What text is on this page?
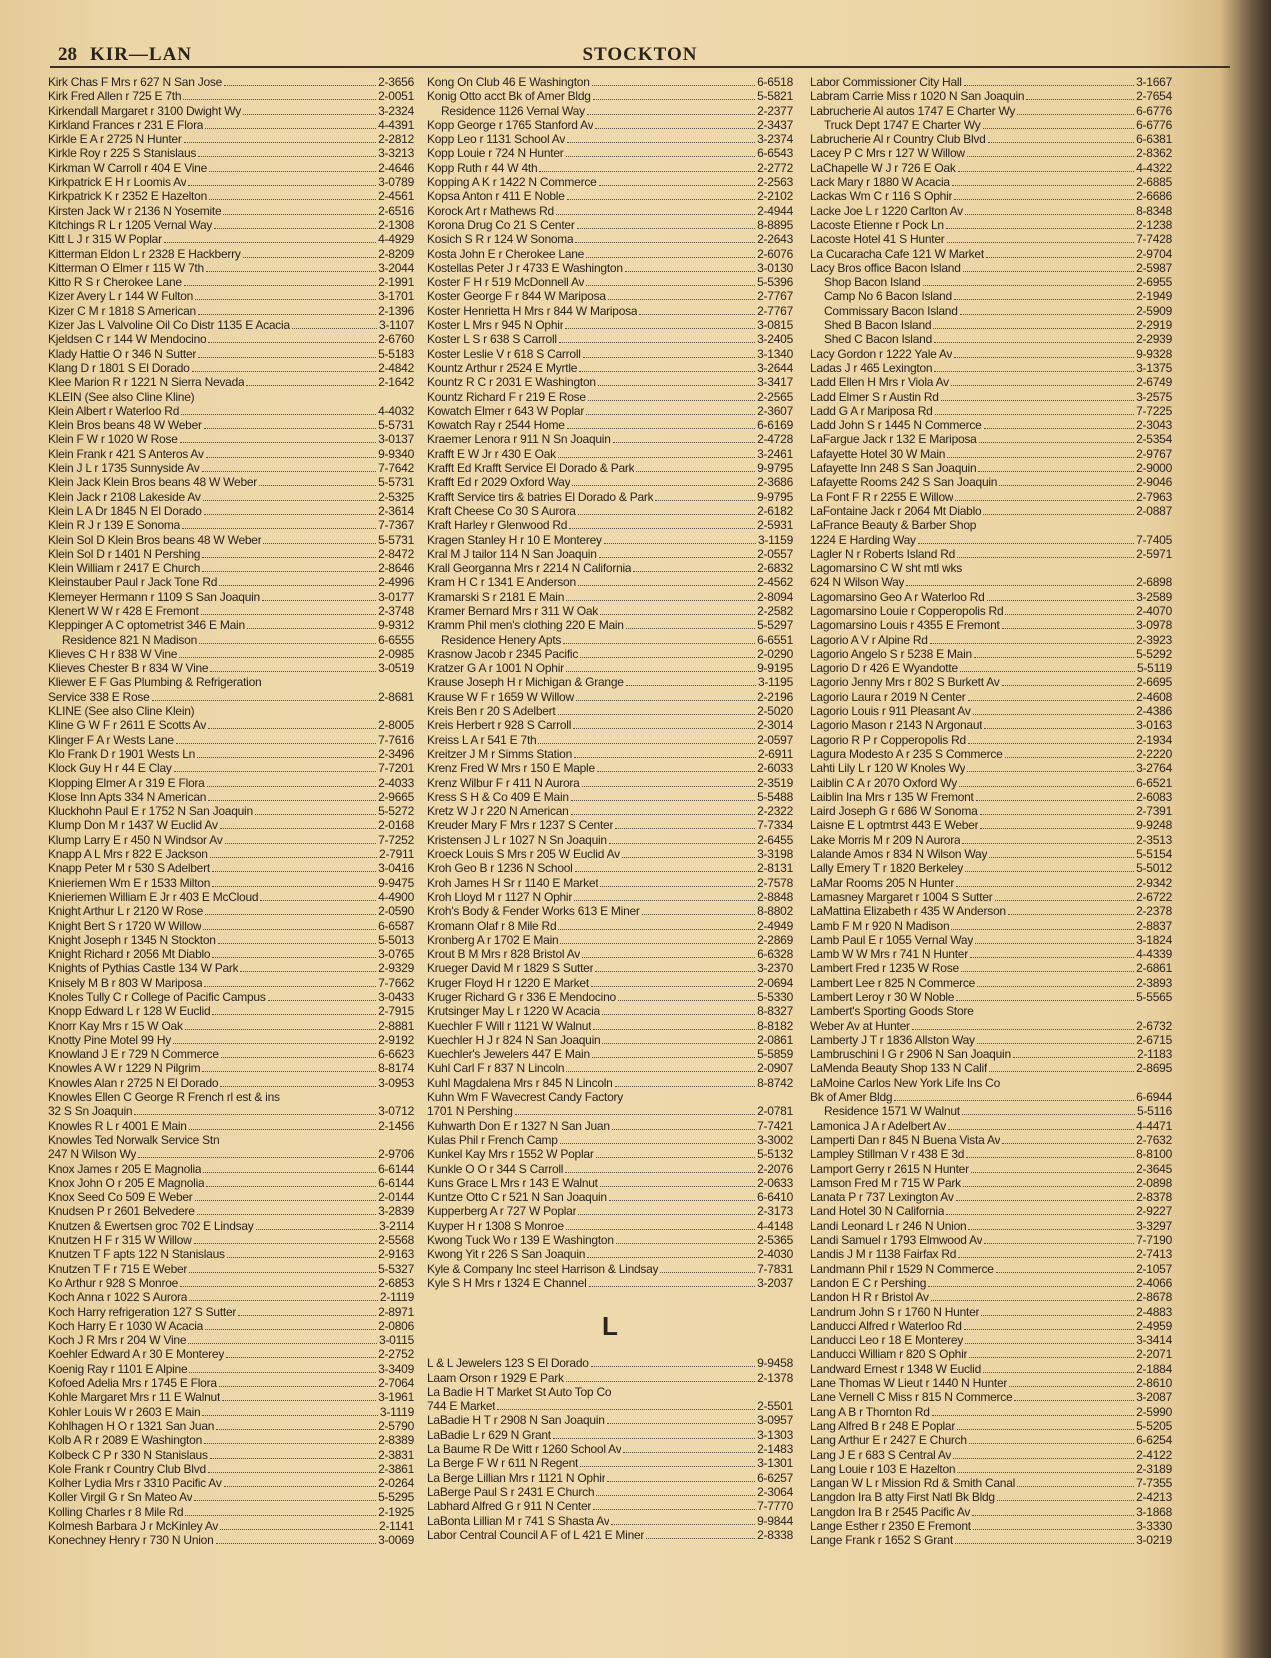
28 KIR—LAN	STOCKTON
Kirk Chas F Mrs r 627 N San Jose	2-3656
Kirk Fred Allen r 725 E 7th	2-0051
Kirkendall Margaret r 3100 Dwight Wy	3-2324
Kirkland Frances r 231 E Flora	4-4391
Kirkle E A r 2725 N Hunter	2-2812
Kirkle Roy r 225 S Stanislaus	3-3213
Kirkman W Carroll r 404 E Vine	2-4646
Kirkpatrick E H r Loomis Av	3-0789
Kirkpatrick K r 2352 E Hazelton	2-4561
Kirsten Jack W r 2136 N Yosemite	2-6516
Kitchings R L r 1205 Vernal Way	2-1308
Kitt L J r 315 W Poplar	4-4929
Kitterman Eldon L r 2328 E Hackberry	2-8209
Kitterman O Elmer r 115 W 7th	3-2044
Kitto R S r Cherokee Lane	2-1991
Kizer Avery L r 144 W Fulton	3-1701
Kizer C M r 1818 S American	2-1396
Kizer Jas L Valvoline Oil Co Distr 1135 E Acacia	3-1107
Kjeldsen C r 144 W Mendocino	2-6760
Klady Hattie O r 346 N Sutter	5-5183
Klang D r 1801 S El Dorado	2-4842
Klee Marion R r 1221 N Sierra Nevada	2-1642
KLEIN (See also Cline Kline)
Klein Albert r Waterloo Rd	4-4032
Klein Bros beans 48 W Weber	5-5731
Klein F W r 1020 W Rose	3-0137
Klein Frank r 421 S Anteros Av	9-9340
Klein J L r 1735 Sunnyside Av	7-7642
Klein Jack Klein Bros beans 48 W Weber	5-5731
Klein Jack r 2108 Lakeside Av	2-5325
Klein L A Dr 1845 N El Dorado	2-3614
Klein R J r 139 E Sonoma	7-7367
Klein Sol D Klein Bros beans 48 W Weber	5-5731
Klein Sol D r 1401 N Pershing	2-8472
Klein William r 2417 E Church	2-8646
Kleinstauber Paul r Jack Tone Rd	2-4996
Klemeyer Hermann r 1109 S San Joaquin	3-0177
Klenert W W r 428 E Fremont	2-3748
Kleppinger A C optometrist 346 E Main	9-9312
Residence 821 N Madison	6-6555
Klieves C H r 838 W Vine	2-0985
Klieves Chester B r 834 W Vine	3-0519
Kliewer E F Gas Plumbing & Refrigeration
Service 338 E Rose	2-8681
KLINE (See also Cline Klein)
Kline G W F r 2611 E Scotts Av	2-8005
Klinger F A r Wests Lane	7-7616
Klo Frank D r 1901 Wests Ln	2-3496
Klock Guy H r 44 E Clay	7-7201
Klopping Elmer A r 319 E Flora	2-4033
Klose Inn Apts 334 N American	2-9665
Kluckhohn Paul E r 1752 N San Joaquin	5-5272
Klump Don M r 1437 W Euclid Av	2-0168
Klump Larry E r 450 N Windsor Av	7-7252
Knapp A L Mrs r 822 E Jackson	2-7911
Knapp Peter M r 530 S Adelbert	3-0416
Knieriemen Wm E r 1533 Milton	9-9475
Knieriemen William E Jr r 403 E McCloud	4-4900
Knight Arthur L r 2120 W Rose	2-0590
Knight Bert S r 1720 W Willow	6-6587
Knight Joseph r 1345 N Stockton	5-5013
Knight Richard r 2056 Mt Diablo	3-0765
Knights of Pythias Castle 134 W Park	2-9329
Knisely M B r 803 W Mariposa	7-7662
Knoles Tully C r College of Pacific Campus	3-0433
Knopp Edward L r 128 W Euclid	2-7915
Knorr Kay Mrs r 15 W Oak	2-8881
Knotty Pine Motel 99 Hy	2-9192
Knowland J E r 729 N Commerce	6-6623
Knowles A W r 1229 N Pilgrim	8-8174
Knowles Alan r 2725 N El Dorado	3-0953
Knowles Ellen C George R French rl est & ins
32 S Sn Joaquin	3-0712
Knowles R L r 4001 E Main	2-1456
Knowles Ted Norwalk Service Stn
247 N Wilson Wy	2-9706
Knox James r 205 E Magnolia	6-6144
Knox John O r 205 E Magnolia	6-6144
Knox Seed Co 509 E Weber	2-0144
Knudsen P r 2601 Belvedere	3-2839
Knutzen & Ewertsen groc 702 E Lindsay	3-2114
Knutzen H F r 315 W Willow	2-5568
Knutzen T F apts 122 N Stanislaus	2-9163
Knutzen T F r 715 E Weber	5-5327
Ko Arthur r 928 S Monroe	2-6853
Koch Anna r 1022 S Aurora	2-1119
Koch Harry refrigeration 127 S Sutter	2-8971
Koch Harry E r 1030 W Acacia	2-0806
Koch J R Mrs r 204 W Vine	3-0115
Koehler Edward A r 30 E Monterey	2-2752
Koenig Ray r 1101 E Alpine	3-3409
Kofoed Adelia Mrs r 1745 E Flora	2-7064
Kohle Margaret Mrs r 11 E Walnut	3-1961
Kohler Louis W r 2603 E Main	3-1119
Kohlhagen H O r 1321 San Juan	2-5790
Kolb A R r 2089 E Washington	2-8389
Kolbeck C P r 330 N Stanislaus	2-3831
Kole Frank r Country Club Blvd	2-3861
Kolher Lydia Mrs r 3310 Pacific Av	2-0264
Koller Virgil G r Sn Mateo Av	5-5295
Kolling Charles r 8 Mile Rd	2-1925
Kolmesh Barbara J r McKinley Av	2-1141
Konechney Henry r 730 N Union	3-0069
Kong On Club 46 E Washington	6-6518
Konig Otto acct Bk of Amer Bldg	5-5821
Residence 1126 Vernal Way	2-2377
Kopp George r 1765 Stanford Av	2-3437
Kopp Leo r 1131 School Av	3-2374
Kopp Louie r 724 N Hunter	6-6543
Kopp Ruth r 44 W 4th	2-2772
Kopping A K r 1422 N Commerce	2-2563
Kopsa Anton r 411 E Noble	2-2102
Korock Art r Mathews Rd	2-4944
Korona Drug Co 21 S Center	8-8895
Kosich S R r 124 W Sonoma	2-2643
Kosta John E r Cherokee Lane	2-6076
Kostellas Peter J r 4733 E Washington	3-0130
Koster F H r 519 McDonnell Av	5-5396
Koster George F r 844 W Mariposa	2-7767
Koster Henrietta H Mrs r 844 W Mariposa	2-7767
Koster L Mrs r 945 N Ophir	3-0815
Koster L S r 638 S Carroll	3-2405
Koster Leslie V r 618 S Carroll	3-1340
Kountz Arthur r 2524 E Myrtle	3-2644
Kountz R C r 2031 E Washington	3-3417
Kountz Richard F r 219 E Rose	2-2565
Kowatch Elmer r 643 W Poplar	2-3607
Kowatch Ray r 2544 Home	6-6169
Kraemer Lenora r 911 N Sn Joaquin	2-4728
Krafft E W Jr r 430 E Oak	3-2461
Krafft Ed Krafft Service El Dorado & Park	9-9795
Krafft Ed r 2029 Oxford Way	2-3686
Krafft Service tirs & batries El Dorado & Park	9-9795
Kraft Cheese Co 30 S Aurora	2-6182
Kraft Harley r Glenwood Rd	2-5931
Kragen Stanley H r 10 E Monterey	3-1159
Kral M J tailor 114 N San Joaquin	2-0557
Krall Georganna Mrs r 2214 N California	2-6832
Kram H C r 1341 E Anderson	2-4562
Kramarski S r 2181 E Main	2-8094
Kramer Bernard Mrs r 311 W Oak	2-2582
Kramm Phil men's clothing 220 E Main	5-5297
Residence Henery Apts	6-6551
Krasnow Jacob r 2345 Pacific	2-0290
Kratzer G A r 1001 N Ophir	9-9195
Krause Joseph H r Michigan & Grange	3-1195
Krause W F r 1659 W Willow	2-2196
Kreis Ben r 20 S Adelbert	2-5020
Kreis Herbert r 928 S Carroll	2-3014
Kreiss L A r 541 E 7th	2-0597
Kreitzer J M r Simms Station	2-6911
Krenz Fred W Mrs r 150 E Maple	2-6033
Krenz Wilbur F r 411 N Aurora	2-3519
Kress S H & Co 409 E Main	5-5488
Kretz W J r 220 N American	2-2322
Kreuder Mary F Mrs r 1237 S Center	7-7334
Kristensen J L r 1027 N Sn Joaquin	2-6455
Kroeck Louis S Mrs r 205 W Euclid Av	3-3198
Kroh Geo B r 1236 N School	2-8131
Kroh James H Sr r 1140 E Market	2-7578
Kroh Lloyd M r 1127 N Ophir	2-8848
Kroh's Body & Fender Works 613 E Miner	8-8802
Kromann Olaf r 8 Mile Rd	2-4949
Kronberg A r 1702 E Main	2-2869
Krout B M Mrs r 828 Bristol Av	6-6328
Krueger David M r 1829 S Sutter	3-2370
Kruger Floyd H r 1220 E Market	2-0694
Kruger Richard G r 336 E Mendocino	5-5330
Krutsinger May L r 1220 W Acacia	8-8327
Kuechler F Will r 1121 W Walnut	8-8182
Kuechler H J r 824 N San Joaquin	2-0861
Kuechler's Jewelers 447 E Main	5-5859
Kuhl Carl F r 837 N Lincoln	2-0907
Kuhl Magdalena Mrs r 845 N Lincoln	8-8742
Kuhn Wm F Wavecrest Candy Factory
1701 N Pershing	2-0781
Kuhwarth Don E r 1327 N San Juan	7-7421
Kulas Phil r French Camp	3-3002
Kunkel Kay Mrs r 1552 W Poplar	5-5132
Kunkle O O r 344 S Carroll	2-2076
Kuns Grace L Mrs r 143 E Walnut	2-0633
Kuntze Otto C r 521 N San Joaquin	6-6410
Kupperberg A r 727 W Poplar	2-3173
Kuyper H r 1308 S Monroe	4-4148
Kwong Tuck Wo r 139 E Washington	2-5365
Kwong Yit r 226 S San Joaquin	2-4030
Kyle & Company Inc steel Harrison & Lindsay	7-7831
Kyle S H Mrs r 1324 E Channel	3-2037
L
L & L Jewelers 123 S El Dorado	9-9458
Laam Orson r 1929 E Park	2-1378
La Badie H T Market St Auto Top Co
744 E Market	2-5501
LaBadie H T r 2908 N San Joaquin	3-0957
LaBadie L r 629 N Grant	3-1303
La Baume R De Witt r 1260 School Av	2-1483
La Berge F W r 611 N Regent	3-1301
La Berge Lillian Mrs r 1121 N Ophir	6-6257
LaBerge Paul S r 2431 E Church	2-3064
Labhard Alfred G r 911 N Center	7-7770
LaBonta Lillian M r 741 S Shasta Av	9-9844
Labor Central Council A F of L 421 E Miner	2-8338
Labor Commissioner City Hall	3-1667
Labram Carrie Miss r 1020 N San Joaquin	2-7654
Labrucherie Al autos 1747 E Charter Wy	6-6776
Truck Dept 1747 E Charter Wy	6-6776
Labrucherie Al r Country Club Blvd	6-6381
Lacey P C Mrs r 127 W Willow	2-8362
LaChapelle W J r 726 E Oak	4-4322
Lack Mary r 1880 W Acacia	2-6885
Lackas Wm C r 116 S Ophir	2-6686
Lacke Joe L r 1220 Carlton Av	8-8348
Lacoste Etienne r Pock Ln	2-1238
Lacoste Hotel 41 S Hunter	7-7428
La Cucaracha Cafe 121 W Market	2-9704
Lacy Bros office Bacon Island	2-5987
Shop Bacon Island	2-6955
Camp No 6 Bacon Island	2-1949
Commissary Bacon Island	2-5909
Shed B Bacon Island	2-2919
Shed C Bacon Island	2-2939
Lacy Gordon r 1222 Yale Av	9-9328
Ladas J r 465 Lexington	3-1375
Ladd Ellen H Mrs r Viola Av	2-6749
Ladd Elmer S r Austin Rd	3-2575
Ladd G A r Mariposa Rd	7-7225
Ladd John S r 1445 N Commerce	2-3043
LaFargue Jack r 132 E Mariposa	2-5354
Lafayette Hotel 30 W Main	2-9767
Lafayette Inn 248 S San Joaquin	2-9000
Lafayette Rooms 242 S San Joaquin	2-9046
La Font F R r 2255 E Willow	2-7963
LaFontaine Jack r 2064 Mt Diablo	2-0887
LaFrance Beauty & Barber Shop
1224 E Harding Way	7-7405
Lagler N r Roberts Island Rd	2-5971
Lagomarsino C W sht mtl wks
624 N Wilson Way	2-6898
Lagomarsino Geo A r Waterloo Rd	3-2589
Lagomarsino Louie r Copperopolis Rd	2-4070
Lagomarsino Louis r 4355 E Fremont	3-0978
Lagorio A V r Alpine Rd	2-3923
Lagorio Angelo S r 5238 E Main	5-5292
Lagorio D r 426 E Wyandotte	5-5119
Lagorio Jenny Mrs r 802 S Burkett Av	2-6695
Lagorio Laura r 2019 N Center	2-4608
Lagorio Louis r 911 Pleasant Av	2-4386
Lagorio Mason r 2143 N Argonaut	3-0163
Lagorio R P r Copperopolis Rd	2-1934
Lagura Modesto A r 235 S Commerce	2-2220
Lahti Lily L r 120 W Knoles Wy	3-2764
Laiblin C A r 2070 Oxford Wy	6-6521
Laiblin Ina Mrs r 135 W Fremont	2-6083
Laird Joseph G r 686 W Sonoma	2-7391
Laisne E L optmtrst 443 E Weber	9-9248
Lake Morris M r 209 N Aurora	2-3513
Lalande Amos r 834 N Wilson Way	5-5154
Lally Emery T r 1820 Berkeley	5-5012
LaMar Rooms 205 N Hunter	2-9342
Lamasney Margaret r 1004 S Sutter	2-6722
LaMattina Elizabeth r 435 W Anderson	2-2378
Lamb F M r 920 N Madison	2-8837
Lamb Paul E r 1055 Vernal Way	3-1824
Lamb W W Mrs r 741 N Hunter	4-4339
Lambert Fred r 1235 W Rose	2-6861
Lambert Lee r 825 N Commerce	2-3893
Lambert Leroy r 30 W Noble	5-5565
Lambert's Sporting Goods Store
Weber Av at Hunter	2-6732
Lamberty J T r 1836 Allston Way	2-6715
Lambruschini I G r 2906 N San Joaquin	2-1183
LaMenda Beauty Shop 133 N Calif	2-8695
LaMoine Carlos New York Life Ins Co
Bk of Amer Bldg	6-6944
Residence 1571 W Walnut	5-5116
Lamonica J A r Adelbert Av	4-4471
Lamperti Dan r 845 N Buena Vista Av	2-7632
Lampley Stillman V r 438 E 3d	8-8100
Lamport Gerry r 2615 N Hunter	2-3645
Lamson Fred M r 715 W Park	2-0898
Lanata P r 737 Lexington Av	2-8378
Land Hotel 30 N California	2-9227
Landi Leonard L r 246 N Union	3-3297
Landi Samuel r 1793 Elmwood Av	7-7190
Landis J M r 1138 Fairfax Rd	2-7413
Landmann Phil r 1529 N Commerce	2-1057
Landon E C r Pershing	2-4066
Landon H R r Bristol Av	2-8678
Landrum John S r 1760 N Hunter	2-4883
Landucci Alfred r Waterloo Rd	2-4959
Landucci Leo r 18 E Monterey	3-3414
Landucci William r 820 S Ophir	2-2071
Landward Ernest r 1348 W Euclid	2-1884
Lane Thomas W Lieut r 1440 N Hunter	2-8610
Lane Vernell C Miss r 815 N Commerce	3-2087
Lang A B r Thornton Rd	2-5990
Lang Alfred B r 248 E Poplar	5-5205
Lang Arthur E r 2427 E Church	6-6254
Lang J E r 683 S Central Av	2-4122
Lang Louie r 103 E Hazelton	2-3189
Langan W L r Mission Rd & Smith Canal	7-7355
Langdon Ira B atty First Natl Bk Bldg	2-4213
Langdon Ira B r 2545 Pacific Av	3-1868
Lange Esther r 2350 E Fremont	3-3330
Lange Frank r 1652 S Grant	3-0219
